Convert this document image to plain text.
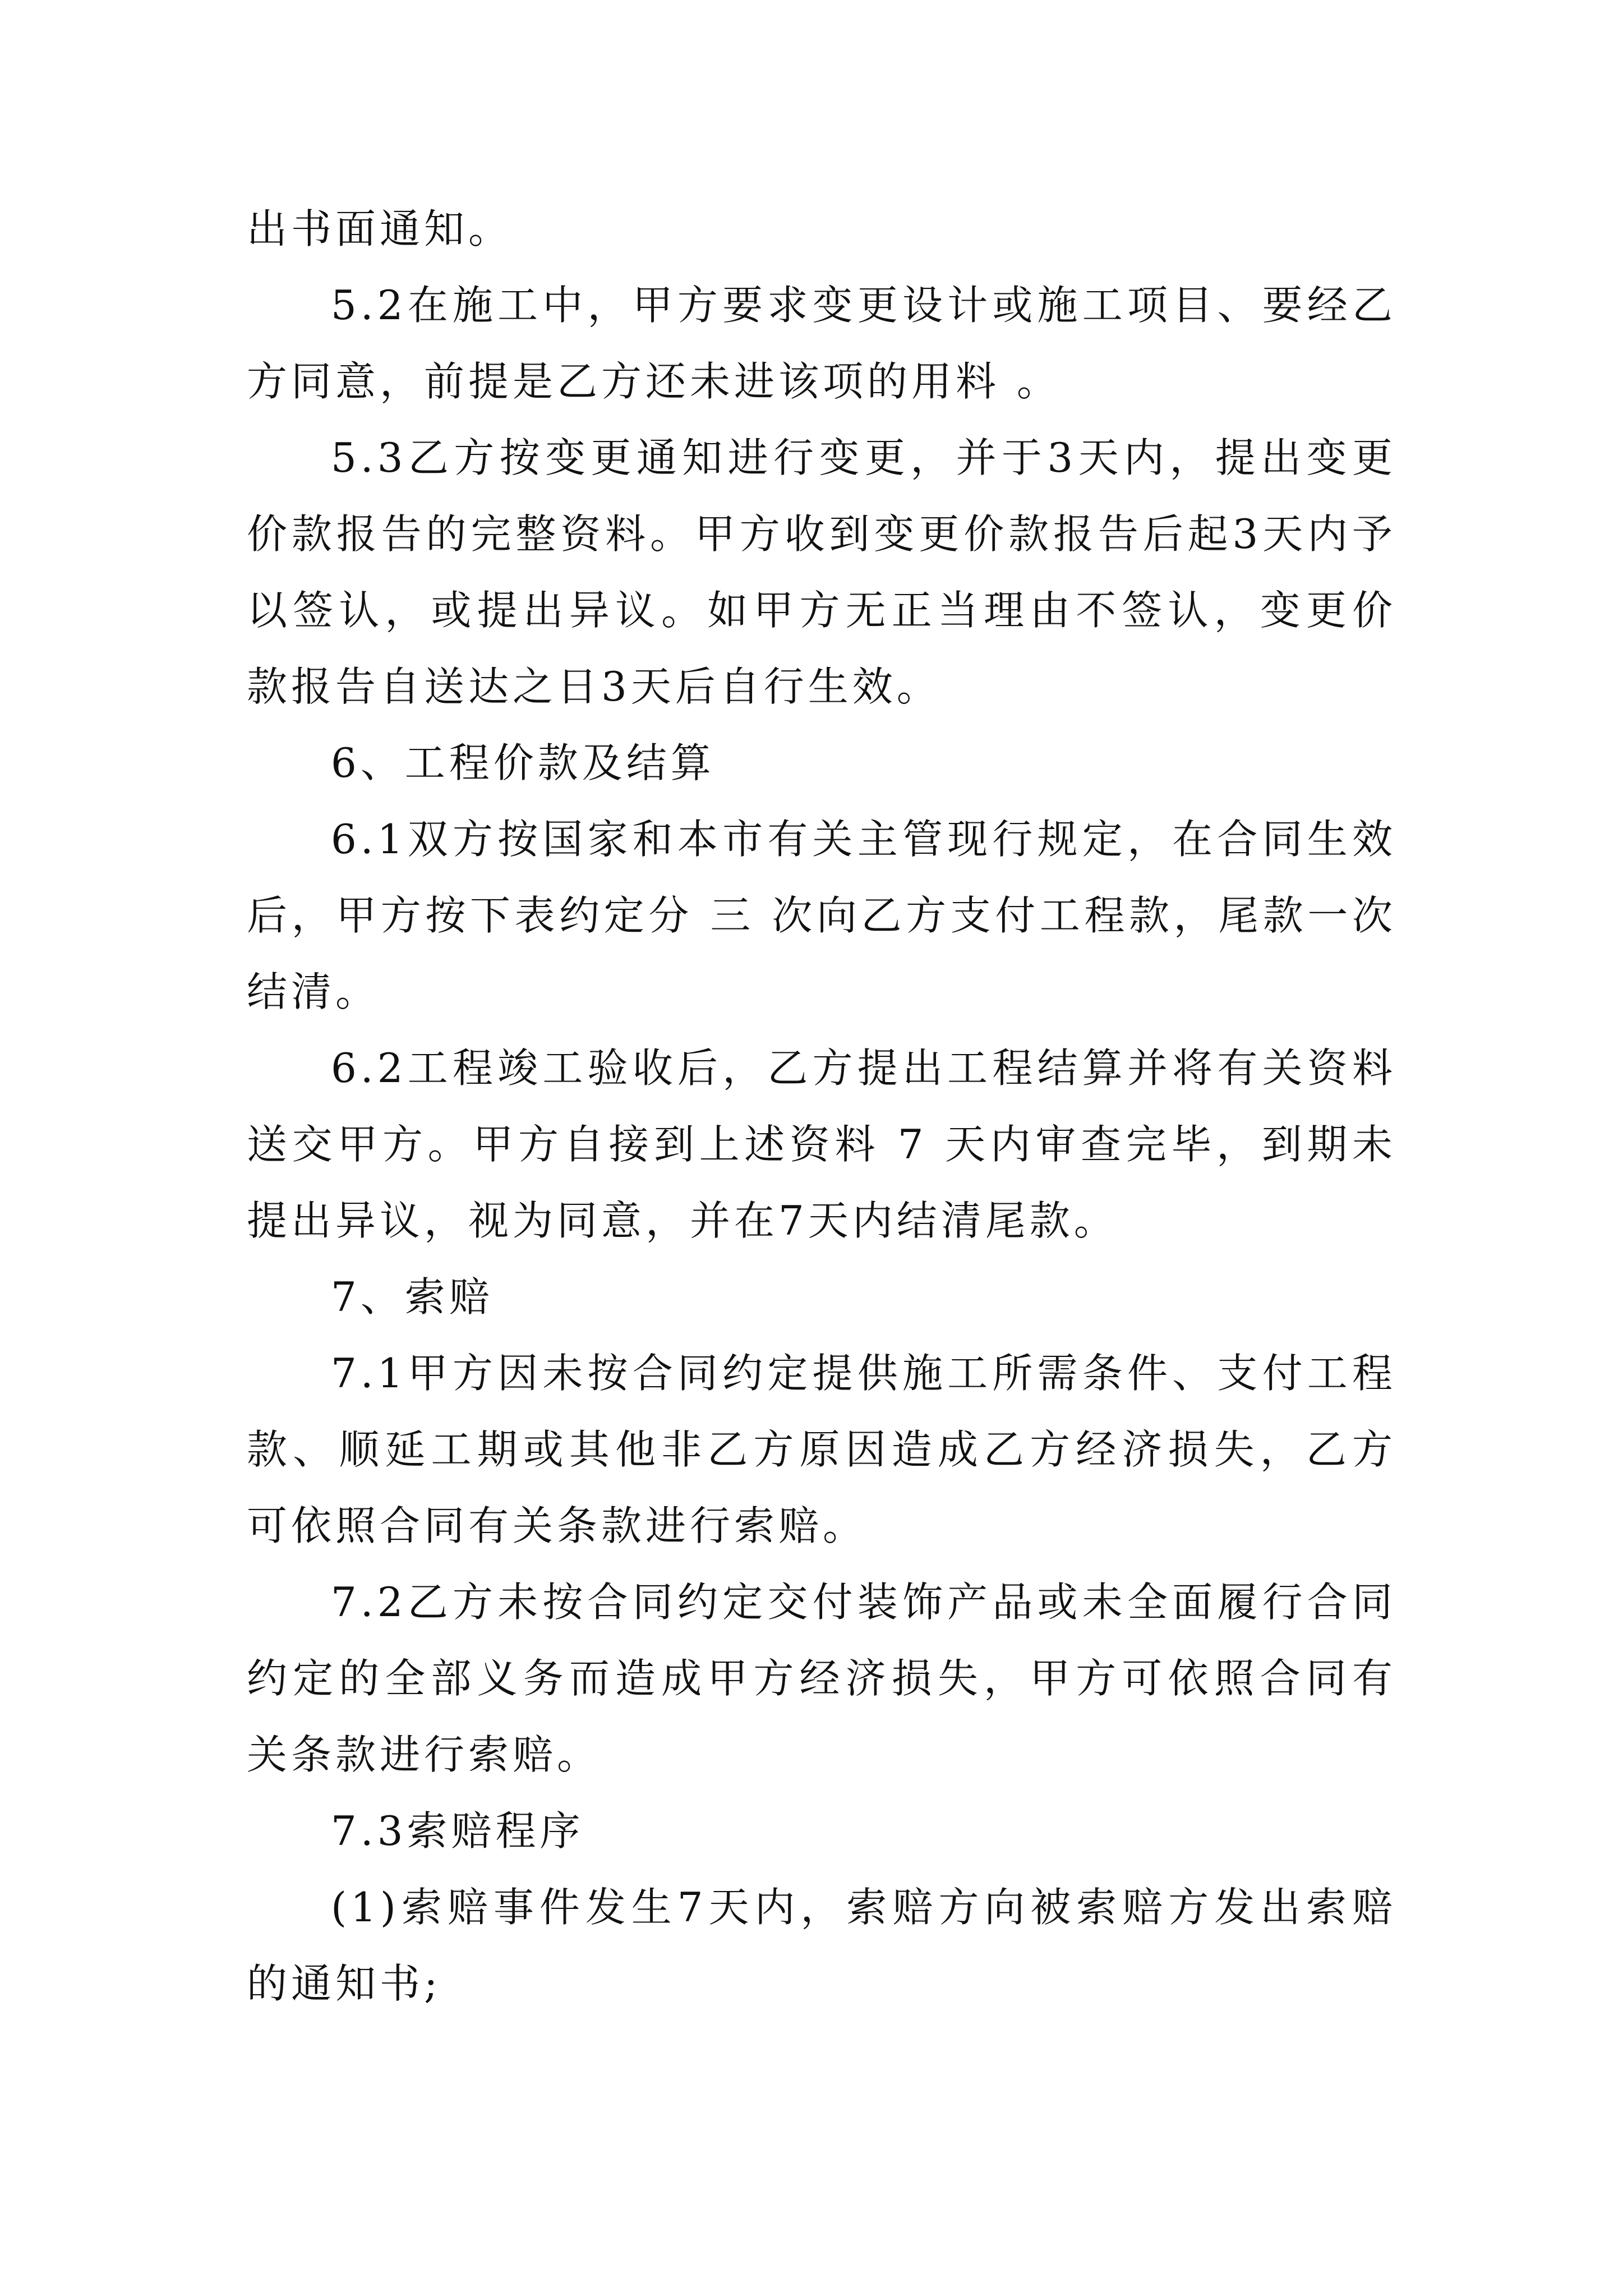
出书面通知。

5.2在施工中，甲方要求变更设计或施工项目、要经乙方同意，前提是乙方还未进该项的用料 。

5.3乙方按变更通知进行变更，并于3天内，提出变更价款报告的完整资料。甲方收到变更价款报告后起3天内予以签认，或提出异议。如甲方无正当理由不签认，变更价款报告自送达之日3天后自行生效。

6、工程价款及结算

6.1双方按国家和本市有关主管现行规定，在合同生效后，甲方按下表约定分 三 次向乙方支付工程款，尾款一次结清。

6.2工程竣工验收后，乙方提出工程结算并将有关资料送交甲方。甲方自接到上述资料 7 天内审查完毕，到期未提出异议，视为同意，并在7天内结清尾款。

7、索赔

7.1甲方因未按合同约定提供施工所需条件、支付工程款、顺延工期或其他非乙方原因造成乙方经济损失，乙方可依照合同有关条款进行索赔。

7.2乙方未按合同约定交付装饰产品或未全面履行合同约定的全部义务而造成甲方经济损失，甲方可依照合同有关条款进行索赔。

7.3索赔程序

(1)索赔事件发生7天内，索赔方向被索赔方发出索赔的通知书;
